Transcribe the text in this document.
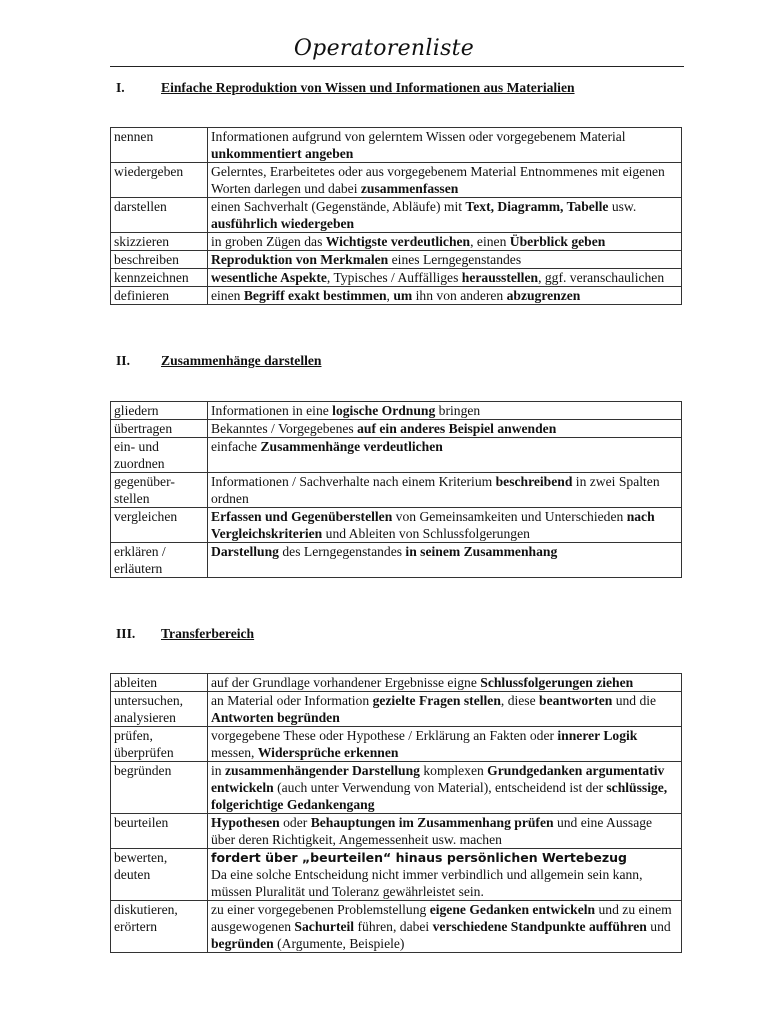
Operatorenliste
I.	Einfache Reproduktion von Wissen und Informationen aus Materialien
nennen	Informationen aufgrund von gelerntem Wissen oder vorgegebenem Material unkommentiert angeben
wiedergeben	Gelerntes, Erarbeitetes oder aus vorgegebenem Material Entnommenes mit eigenen Worten darlegen und dabei zusammenfassen
darstellen	einen Sachverhalt (Gegenstände, Abläufe) mit Text, Diagramm, Tabelle usw. ausführlich wiedergeben
skizzieren	in groben Zügen das Wichtigste verdeutlichen, einen Überblick geben
beschreiben	Reproduktion von Merkmalen eines Lerngegenstandes
kennzeichnen	wesentliche Aspekte, Typisches / Auffälliges herausstellen, ggf. veranschaulichen
definieren	einen Begriff exakt bestimmen, um ihn von anderen abzugrenzen
II. Zusammenhänge darstellen
gliedern	Informationen in eine logische Ordnung bringen
übertragen	Bekanntes / Vorgegebenes auf ein anderes Beispiel anwenden
ein- und zuordnen	einfache Zusammenhänge verdeutlichen
gegenüber-stellen	Informationen / Sachverhalte nach einem Kriterium beschreibend in zwei Spalten ordnen
vergleichen	Erfassen und Gegenüberstellen von Gemeinsamkeiten und Unterschieden nach Vergleichskriterien und Ableiten von Schlussfolgerungen
erklären / erläutern	Darstellung des Lerngegenstandes in seinem Zusammenhang
III. Transferbereich
ableiten	auf der Grundlage vorhandener Ergebnisse eigne Schlussfolgerungen ziehen
untersuchen, analysieren	an Material oder Information gezielte Fragen stellen, diese beantworten und die Antworten begründen
prüfen, überprüfen	vorgegebene These oder Hypothese / Erklärung an Fakten oder innerer Logik messen, Widersprüche erkennen
begründen	in zusammenhängender Darstellung komplexen Grundgedanken argumentativ entwickeln (auch unter Verwendung von Material), entscheidend ist der schlüssige, folgerichtige Gedankengang
beurteilen	Hypothesen oder Behauptungen im Zusammenhang prüfen und eine Aussage über deren Richtigkeit, Angemessenheit usw. machen
bewerten, deuten	fordert über „beurteilen“ hinaus persönlichen Wertebezug
Da eine solche Entscheidung nicht immer verbindlich und allgemein sein kann, müssen Pluralität und Toleranz gewährleistet sein.
diskutieren, erörtern	zu einer vorgegebenen Problemstellung eigene Gedanken entwickeln und zu einem ausgewogenen Sachurteil führen, dabei verschiedene Standpunkte aufführen und begründen (Argumente, Beispiele)
